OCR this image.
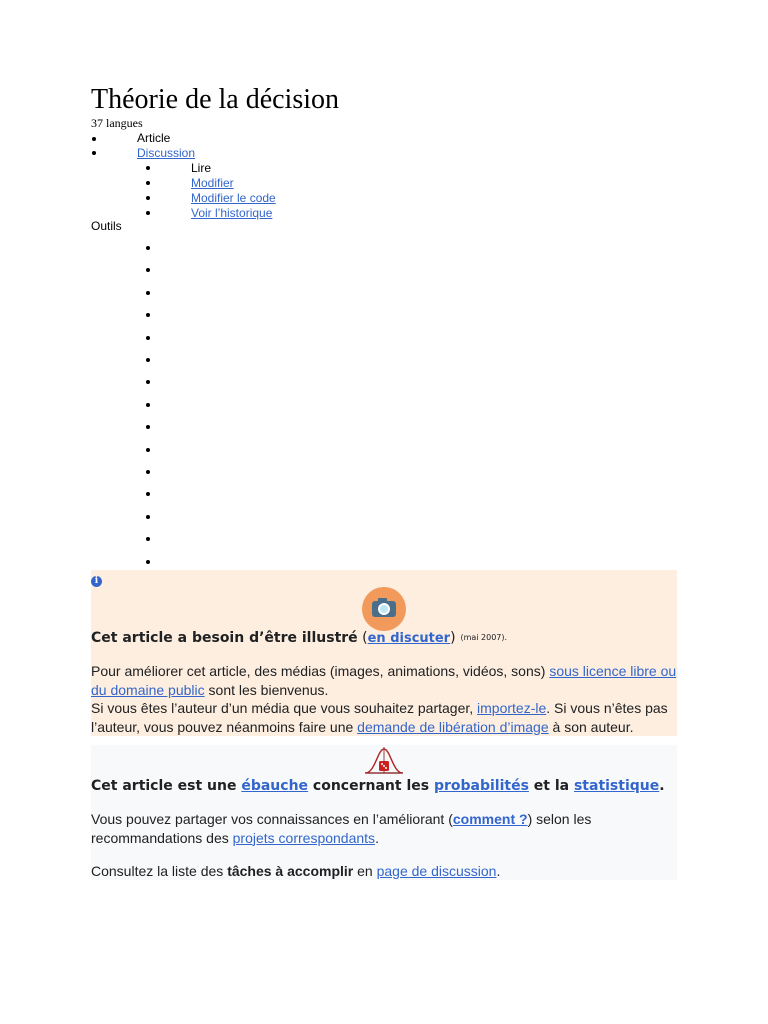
Théorie de la décision
37 langues
Article
Discussion
Lire
Modifier
Modifier le code
Voir l’historique
Outils
i
Cet article a besoin d’être illustré (en discuter) (mai 2007).
Pour améliorer cet article, des médias (images, animations, vidéos, sons) sous licence libre ou du domaine public sont les bienvenus.
Si vous êtes l’auteur d’un média que vous souhaitez partager, importez-le. Si vous n’êtes pas l’auteur, vous pouvez néanmoins faire une demande de libération d’image à son auteur.
Cet article est une ébauche concernant les probabilités et la statistique.
Vous pouvez partager vos connaissances en l’améliorant (comment ?) selon les recommandations des projets correspondants.
Consultez la liste des tâches à accomplir en page de discussion.
